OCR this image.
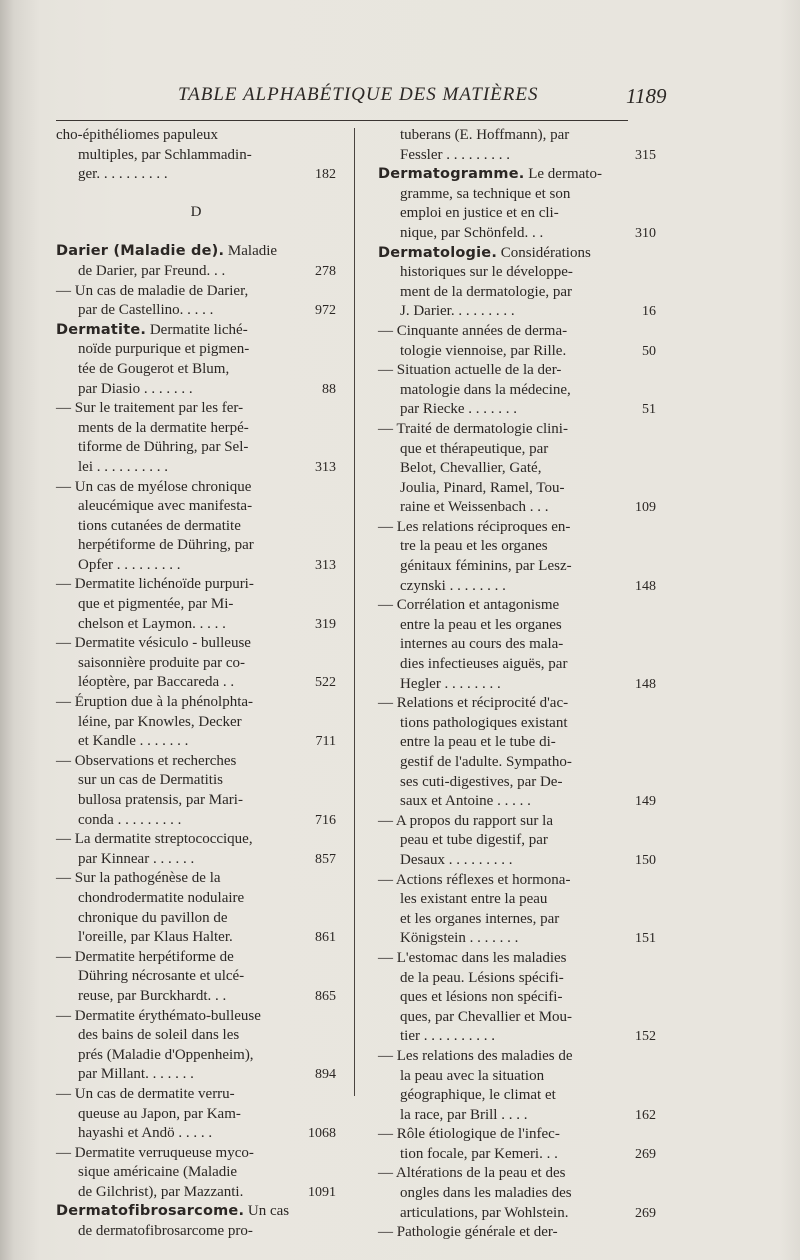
TABLE ALPHABÉTIQUE DES MATIÈRES	1189
cho-épithéliomes papuleux
multiples, par Schlammadin-
ger. . . . . . . . . .	182
D
Darier (Maladie de). Maladie
de Darier, par Freund. . .	278
— Un cas de maladie de Darier,
par de Castellino. . . . .	972
Dermatite. Dermatite liché-
noïde purpurique et pigmen-
tée de Gougerot et Blum,
par Diasio . . . . . . .	88
— Sur le traitement par les fer-
ments de la dermatite herpé-
tiforme de Dühring, par Sel-
lei . . . . . . . . . .	313
— Un cas de myélose chronique
aleucémique avec manifesta-
tions cutanées de dermatite
herpétiforme de Dühring, par
Opfer . . . . . . . . .	313
— Dermatite lichénoïde purpuri-
que et pigmentée, par Mi-
chelson et Laymon. . . . .	319
— Dermatite vésiculo - bulleuse
saisonnière produite par co-
léoptère, par Baccareda . .	522
— Éruption due à la phénolphta-
léine, par Knowles, Decker
et Kandle . . . . . . .	711
— Observations et recherches
sur un cas de Dermatitis
bullosa pratensis, par Mari-
conda . . . . . . . . .	716
— La dermatite streptococcique,
par Kinnear . . . . . .	857
— Sur la pathogénèse de la
chondrodermatite nodulaire
chronique du pavillon de
l'oreille, par Klaus Halter.	861
— Dermatite herpétiforme de
Dühring nécrosante et ulcé-
reuse, par Burckhardt. . .	865
— Dermatite érythémato-bulleuse
des bains de soleil dans les
prés (Maladie d'Oppenheim),
par Millant. . . . . . .	894
— Un cas de dermatite verru-
queuse au Japon, par Kam-
hayashi et Andö . . . . .	1068
— Dermatite verruqueuse myco-
sique américaine (Maladie
de Gilchrist), par Mazzanti.	1091
Dermatofibrosarcome. Un cas
de dermatofibrosarcome pro-
tuberans (E. Hoffmann), par
Fessler . . . . . . . . .	315
Dermatogramme. Le dermato-
gramme, sa technique et son
emploi en justice et en cli-
nique, par Schönfeld. . .	310
Dermatologie. Considérations
historiques sur le développe-
ment de la dermatologie, par
J. Darier. . . . . . . . .	16
— Cinquante années de derma-
tologie viennoise, par Rille.	50
— Situation actuelle de la der-
matologie dans la médecine,
par Riecke . . . . . . .	51
— Traité de dermatologie clini-
que et thérapeutique, par
Belot, Chevallier, Gaté,
Joulia, Pinard, Ramel, Tou-
raine et Weissenbach . . .	109
— Les relations réciproques en-
tre la peau et les organes
génitaux féminins, par Lesz-
czynski . . . . . . . .	148
— Corrélation et antagonisme
entre la peau et les organes
internes au cours des mala-
dies infectieuses aiguës, par
Hegler . . . . . . . .	148
— Relations et réciprocité d'ac-
tions pathologiques existant
entre la peau et le tube di-
gestif de l'adulte. Sympatho-
ses cuti-digestives, par De-
saux et Antoine . . . . .	149
— A propos du rapport sur la
peau et tube digestif, par
Desaux . . . . . . . . .	150
— Actions réflexes et hormona-
les existant entre la peau
et les organes internes, par
Königstein . . . . . . .	151
— L'estomac dans les maladies
de la peau. Lésions spécifi-
ques et lésions non spécifi-
ques, par Chevallier et Mou-
tier . . . . . . . . . .	152
— Les relations des maladies de
la peau avec la situation
géographique, le climat et
la race, par Brill . . . .	162
— Rôle étiologique de l'infec-
tion focale, par Kemeri. . .	269
— Altérations de la peau et des
ongles dans les maladies des
articulations, par Wohlstein.	269
— Pathologie générale et der-
